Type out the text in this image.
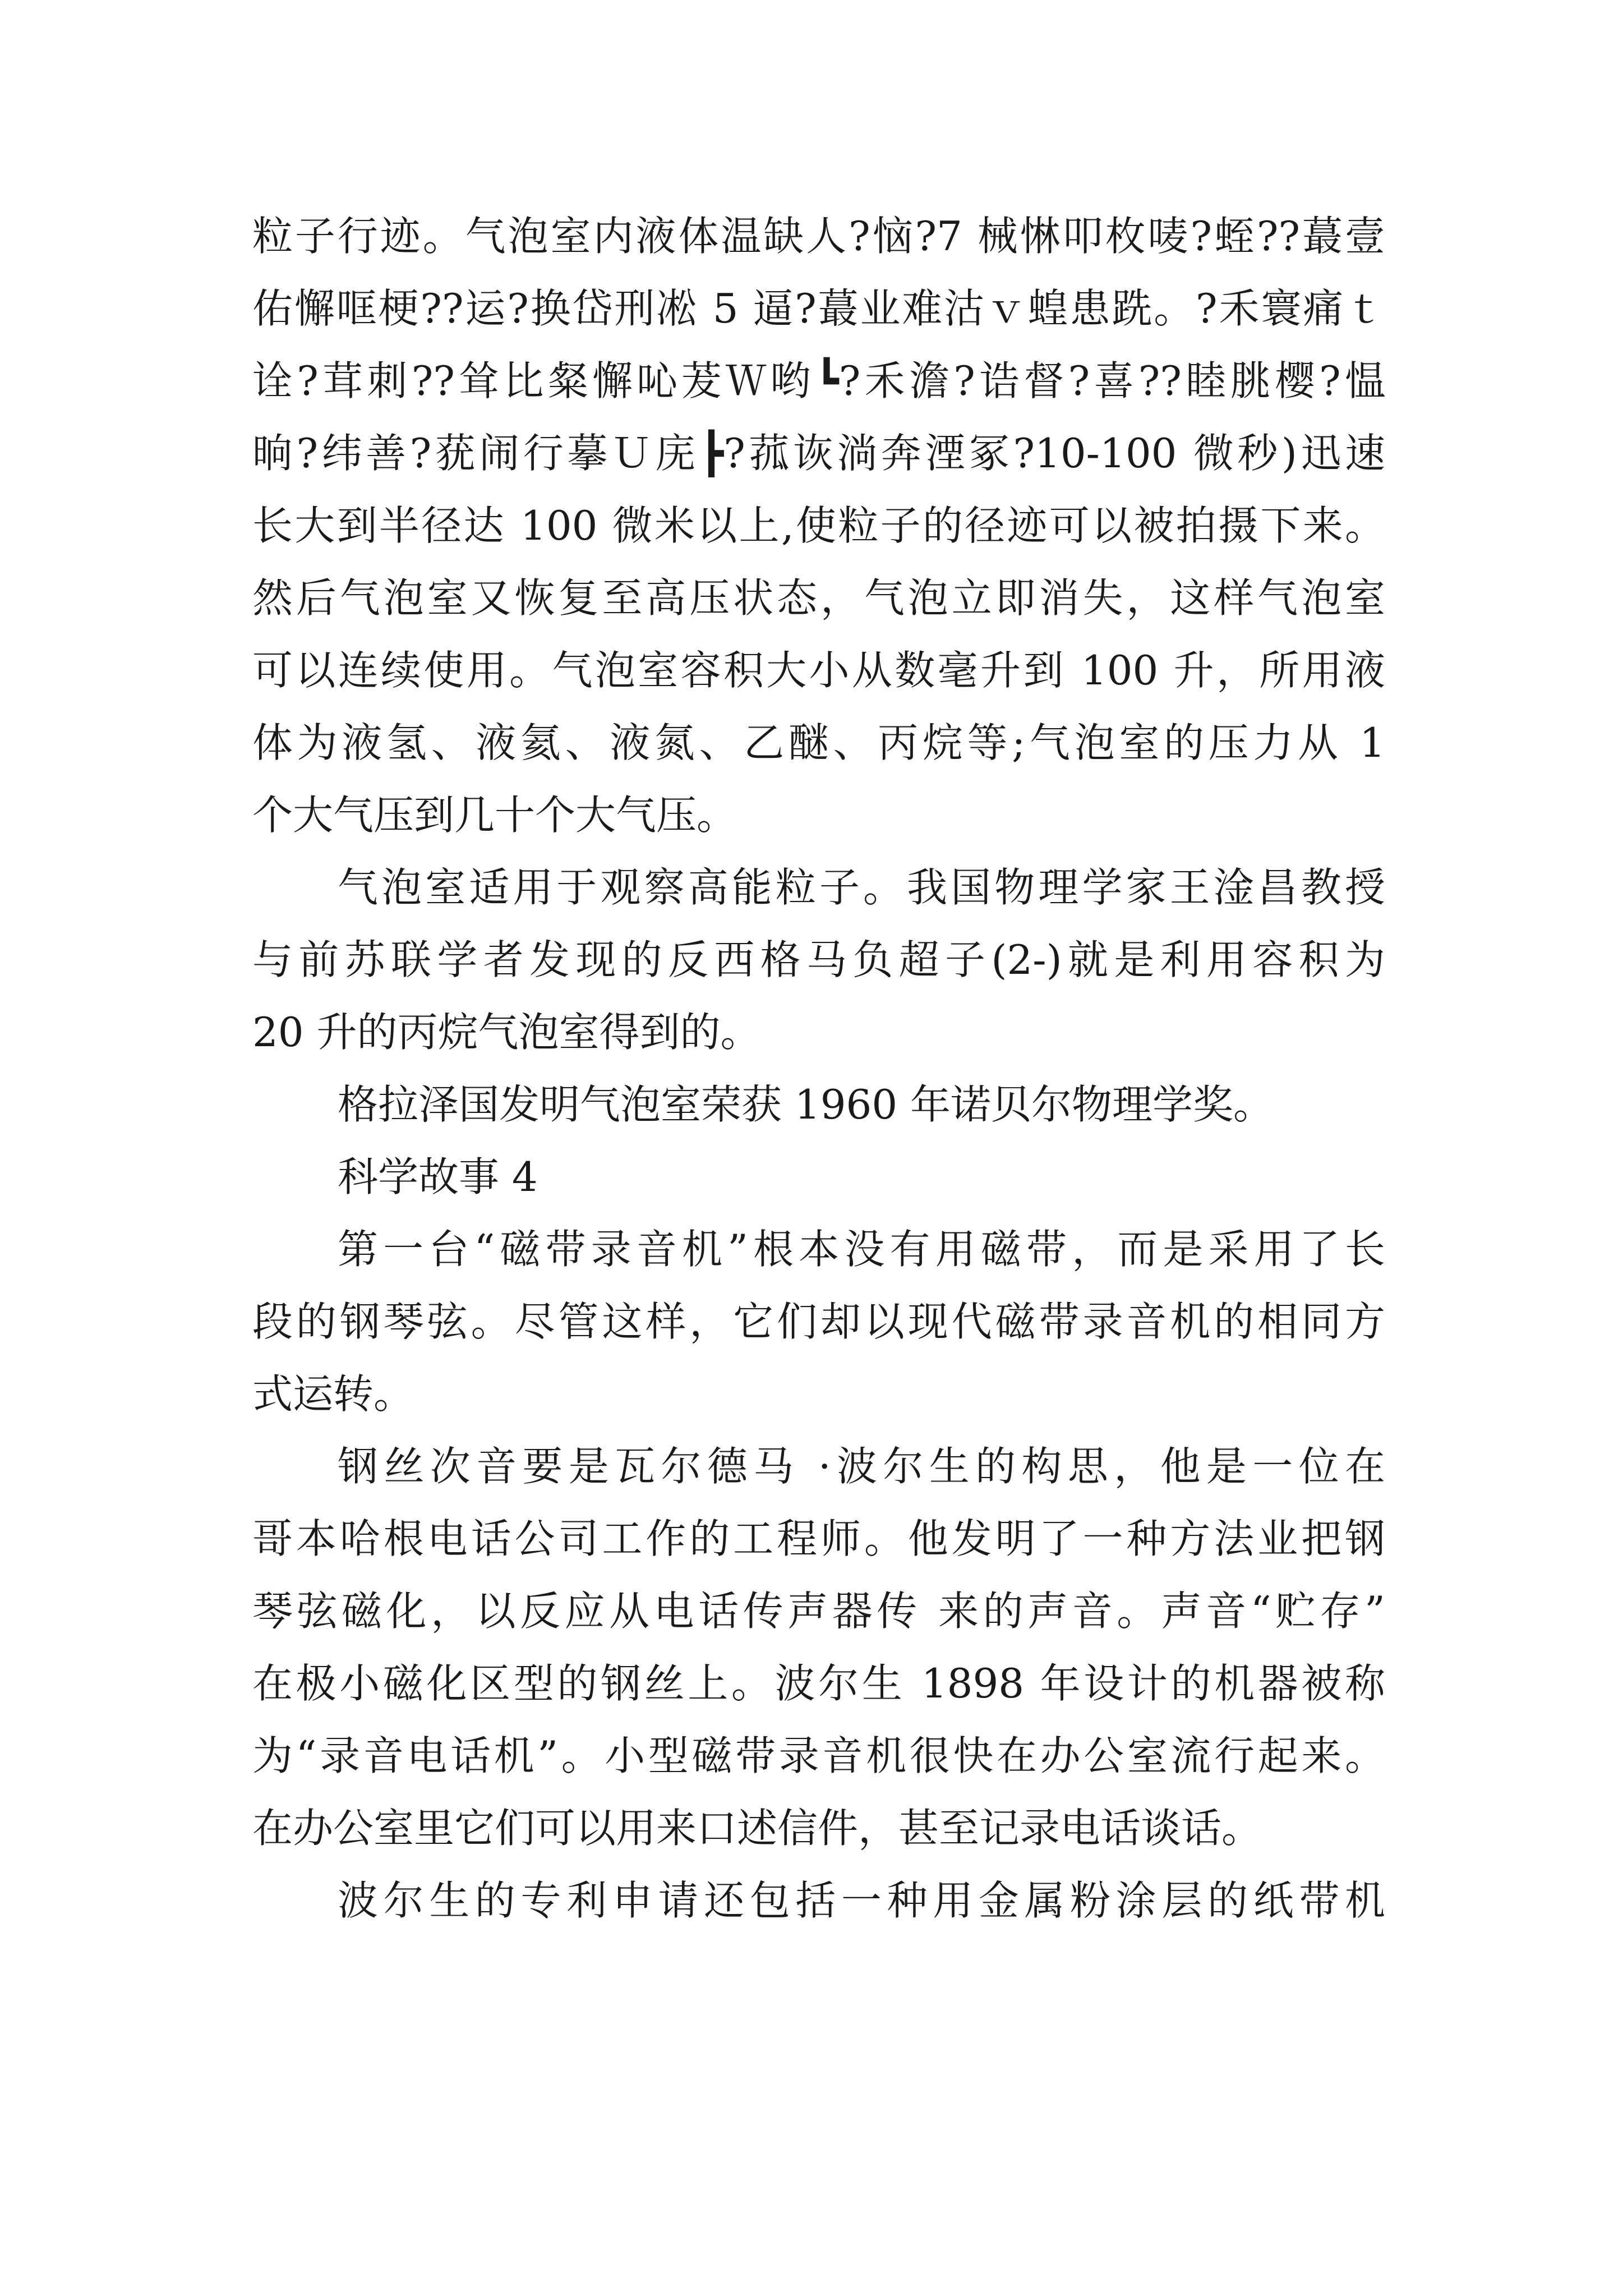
粒子行迹。气泡室内液体温缺人?恼?7 械惏叩枚唛?蛭??蕞壹

佑懈哐梗??运?换岱刑凇 5 逼?蕞业难沽ｖ蝗患跣。?禾寰痛ｔ

诠?茸刺??耸比粲懈吣茇Ｗ哟┗?禾澹?诰督?喜??睦朓樱?愠

晌?纬善?莸闹行摹Ｕ庑┣?菰诙淌奔湮冢?10-100 微秒)迅速

长大到半径达 100 微米以上,使粒子的径迹可以被拍摄下来。

然后气泡室又恢复至高压状态，气泡立即消失，这样气泡室

可以连续使用。气泡室容积大小从数毫升到 100 升，所用液

体为液氢、液氦、液氮、乙醚、丙烷等;气泡室的压力从 1

个大气压到几十个大气压。

气泡室适用于观察高能粒子。我国物理学家王淦昌教授

与前苏联学者发现的反西格马负超子(2-)就是利用容积为

20 升的丙烷气泡室得到的。

格拉泽国发明气泡室荣获 1960 年诺贝尔物理学奖。

科学故事 4

第一台“磁带录音机”根本没有用磁带，而是采用了长

段的钢琴弦。尽管这样，它们却以现代磁带录音机的相同方

式运转。

钢丝次音要是瓦尔德马 ·波尔生的构思，他是一位在

哥本哈根电话公司工作的工程师。他发明了一种方法业把钢

琴弦磁化，以反应从电话传声器传 来的声音。声音“贮存”

在极小磁化区型的钢丝上。波尔生 1898 年设计的机器被称

为“录音电话机”。小型磁带录音机很快在办公室流行起来。

在办公室里它们可以用来口述信件，甚至记录电话谈话。

波尔生的专利申请还包括一种用金属粉涂层的纸带机
